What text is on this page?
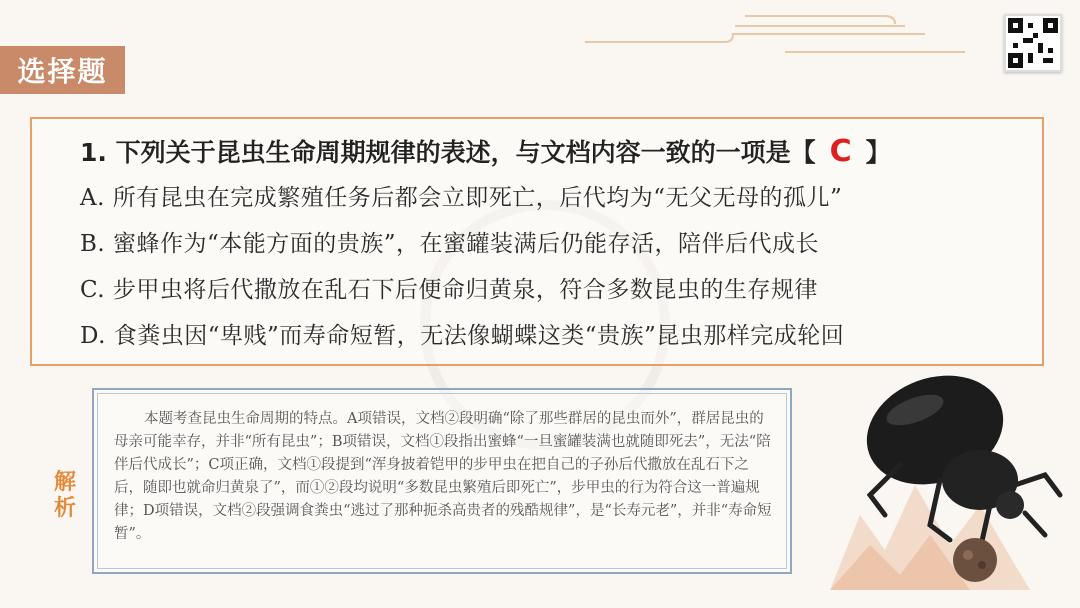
选择题
1. 下列关于昆虫生命周期规律的表述，与文档内容一致的一项是【 C 】
A. 所有昆虫在完成繁殖任务后都会立即死亡，后代均为“无父无母的孤儿”
B. 蜜蜂作为“本能方面的贵族”，在蜜罐装满后仍能存活，陪伴后代成长
C. 步甲虫将后代撒放在乱石下后便命归黄泉，符合多数昆虫的生存规律
D. 食粪虫因“卑贱”而寿命短暂，无法像蝴蝶这类“贵族”昆虫那样完成轮回
解析
本题考查昆虫生命周期的特点。A项错误，文档②段明确“除了那些群居的昆虫而外”，群居昆虫的母亲可能幸存，并非“所有昆虫”；B项错误，文档①段指出蜜蜂“一旦蜜罐装满也就随即死去”，无法“陪伴后代成长”；C项正确，文档①段提到“浑身披着铠甲的步甲虫在把自己的子孙后代撒放在乱石下之后，随即也就命归黄泉了”，而①②段均说明“多数昆虫繁殖后即死亡”，步甲虫的行为符合这一普遍规律；D项错误，文档②段强调食粪虫“逃过了那种扼杀高贵者的残酷规律”，是“长寿元老”，并非“寿命短暂”。
